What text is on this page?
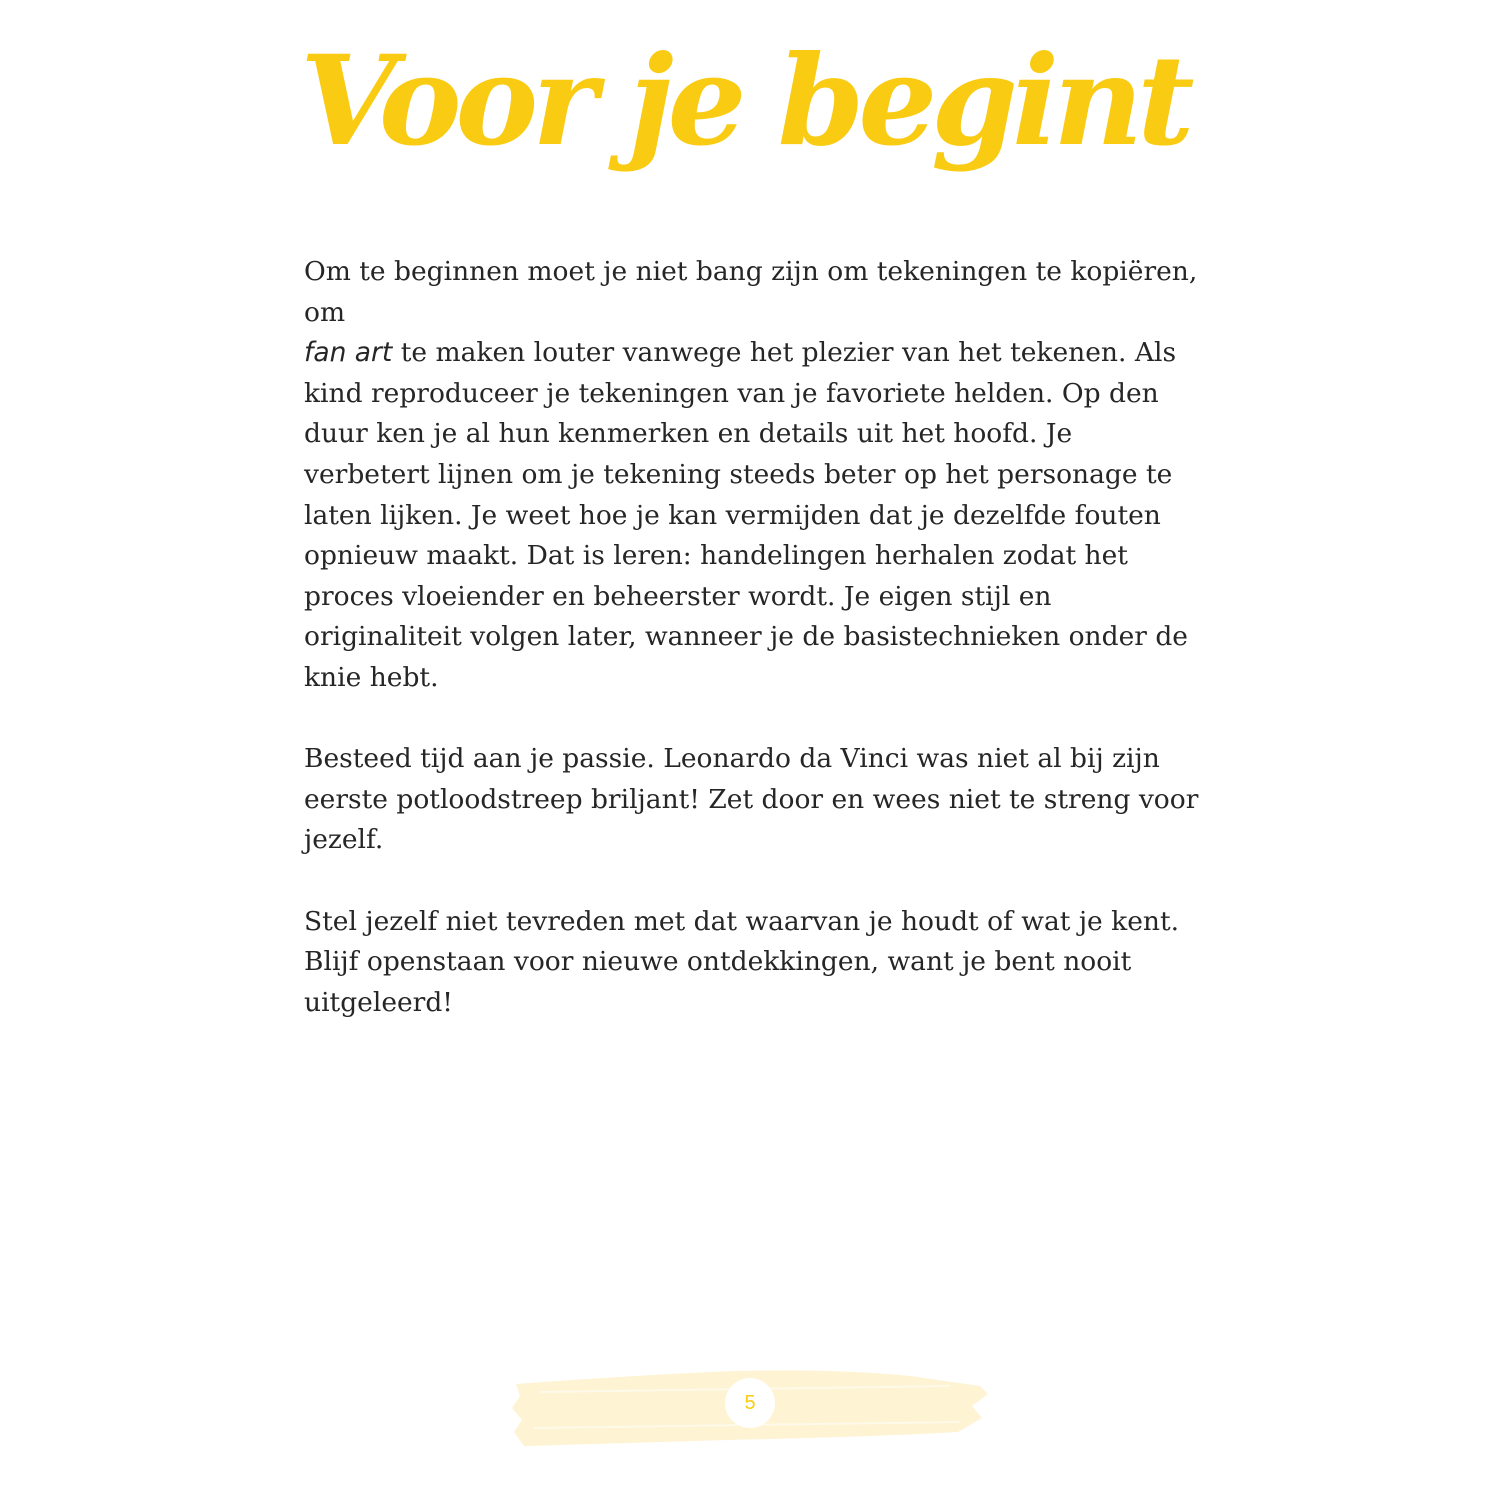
Voor je begint

Om te beginnen moet je niet bang zijn om tekeningen te kopiëren, om
fan art te maken louter vanwege het plezier van het tekenen. Als kind reproduceer je tekeningen van je favoriete helden. Op den duur ken je al hun kenmerken en details uit het hoofd. Je verbetert lijnen om je tekening steeds beter op het personage te laten lijken. Je weet hoe je kan vermijden dat je dezelfde fouten opnieuw maakt. Dat is leren: handelingen herhalen zodat het proces vloeiender en beheerster wordt. Je eigen stijl en originaliteit volgen later, wanneer je de basistechnieken onder de knie hebt.

Besteed tijd aan je passie. Leonardo da Vinci was niet al bij zijn eerste potloodstreep briljant! Zet door en wees niet te streng voor jezelf.

Stel jezelf niet tevreden met dat waarvan je houdt of wat je kent. Blijf openstaan voor nieuwe ontdekkingen, want je bent nooit uitgeleerd!

5
